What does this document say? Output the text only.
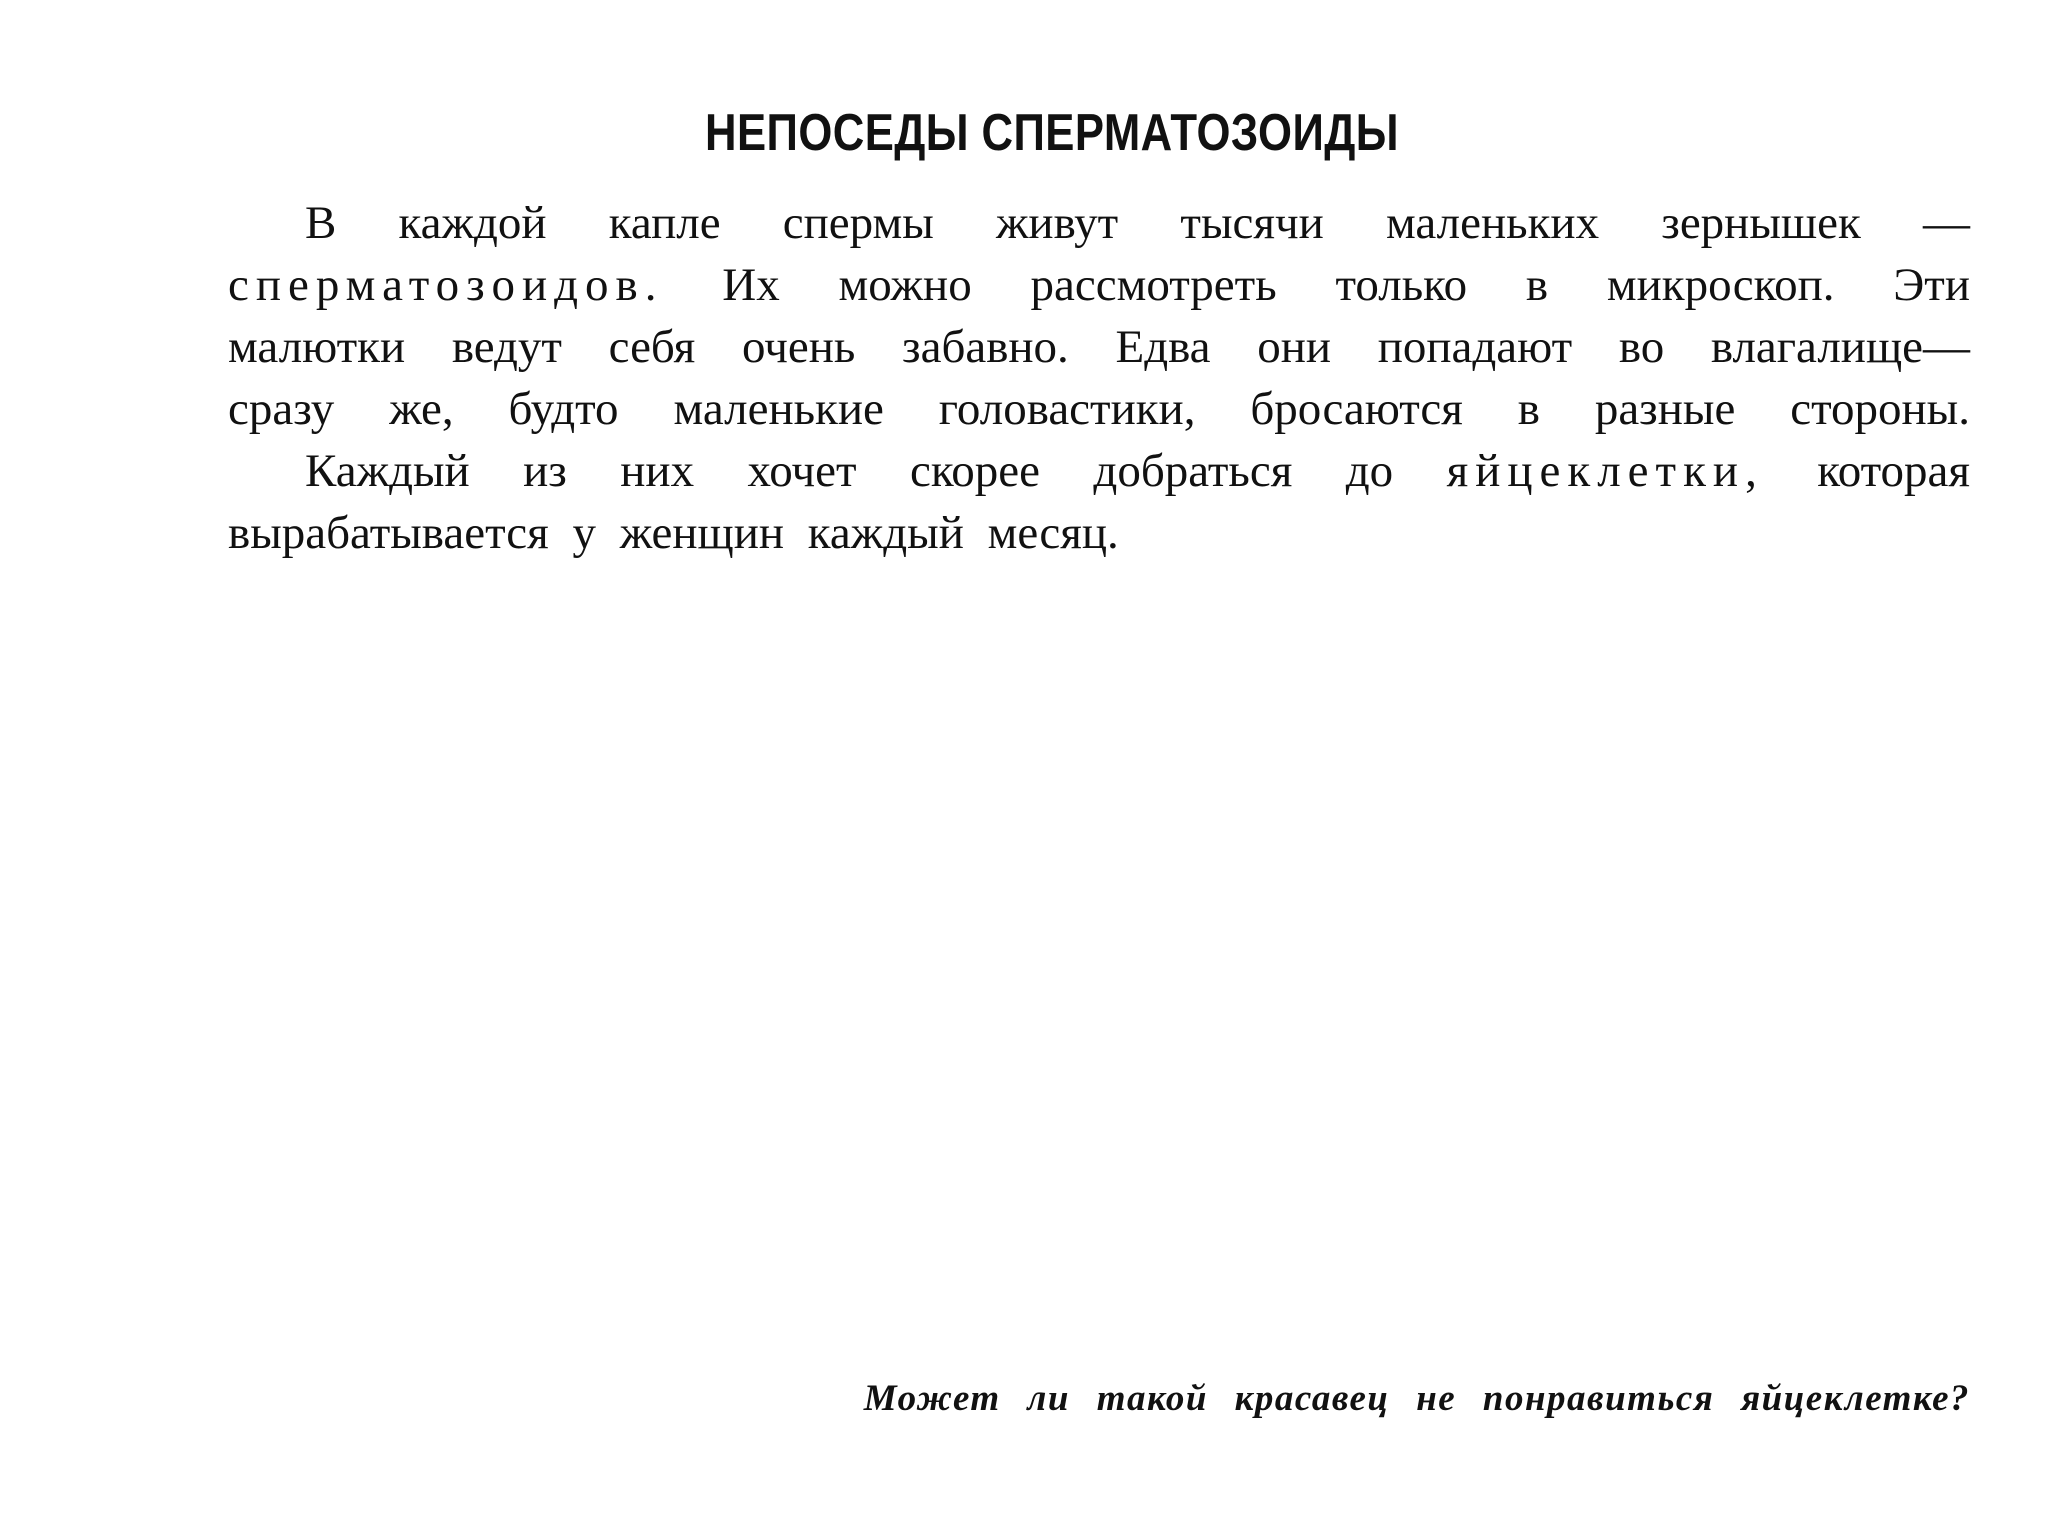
НЕПОСЕДЫ СПЕРМАТОЗОИДЫ
В каждой капле спермы живут тысячи маленьких зернышек —
сперматозоидов. Их можно рассмотреть только в микроскоп. Эти
малютки ведут себя очень забавно. Едва они попадают во влагалище—
сразу же, будто маленькие головастики, бросаются в разные стороны.
Каждый из них хочет скорее добраться до яйцеклетки, которая
вырабатывается у женщин каждый месяц.
Может ли такой красавец не понравиться яйцеклетке?
